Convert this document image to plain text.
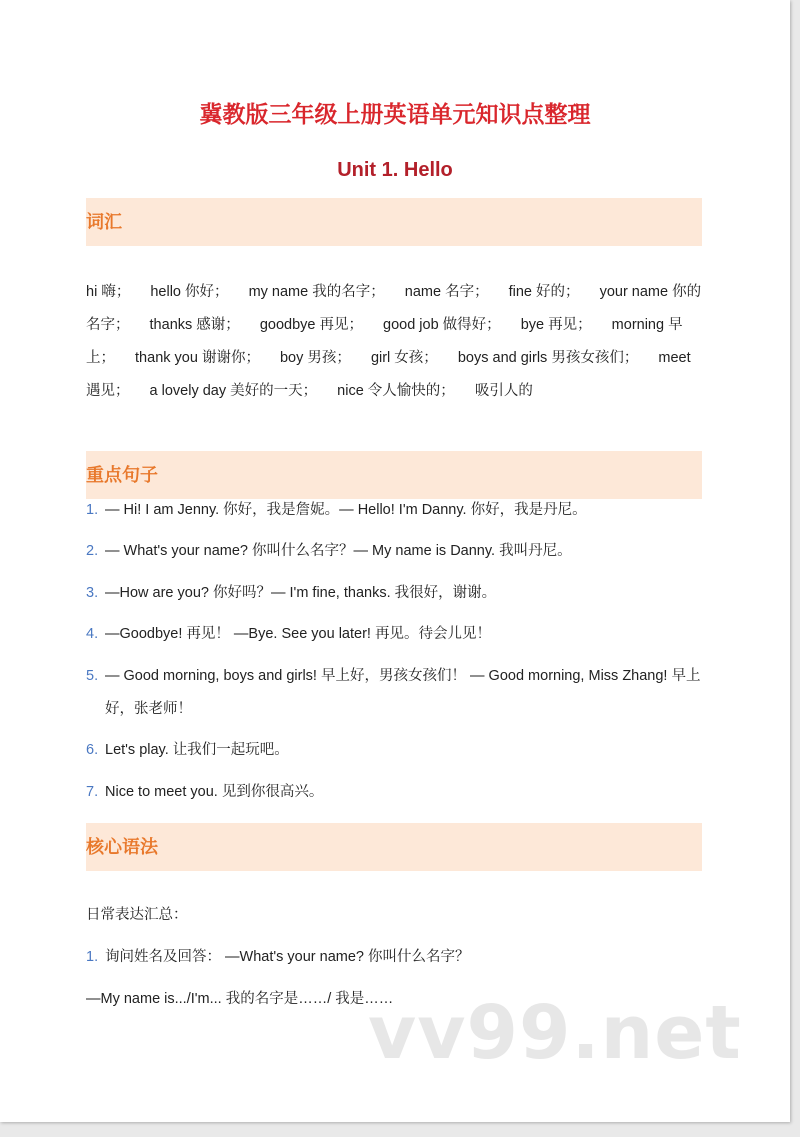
冀教版三年级上册英语单元知识点整理
Unit 1. Hello
词汇

hi 嗨； hello 你好； my name 我的名字； name 名字； fine 好的； your name 你的名字； thanks 感谢； goodbye 再见； good job 做得好； bye 再见； morning 早上； thank you 谢谢你； boy 男孩； girl 女孩； boys and girls 男孩女孩们； meet 遇见； a lovely day 美好的一天； nice 令人愉快的； 吸引人的

重点句子

1. — Hi! I am Jenny. 你好，我是詹妮。— Hello! I'm Danny. 你好，我是丹尼。

2. — What's your name? 你叫什么名字？— My name is Danny. 我叫丹尼。

3. —How are you? 你好吗？— I'm fine, thanks. 我很好，谢谢。

4. —Goodbye! 再见！ —Bye. See you later! 再见。待会儿见！

5. — Good morning, boys and girls! 早上好，男孩女孩们！ — Good morning, Miss Zhang! 早上好，张老师！

6. Let's play. 让我们一起玩吧。

7. Nice to meet you. 见到你很高兴。

核心语法

日常表达汇总：

1. 询问姓名及回答： —What's your name? 你叫什么名字？

—My name is.../I'm... 我的名字是……/ 我是……

vv99.net
